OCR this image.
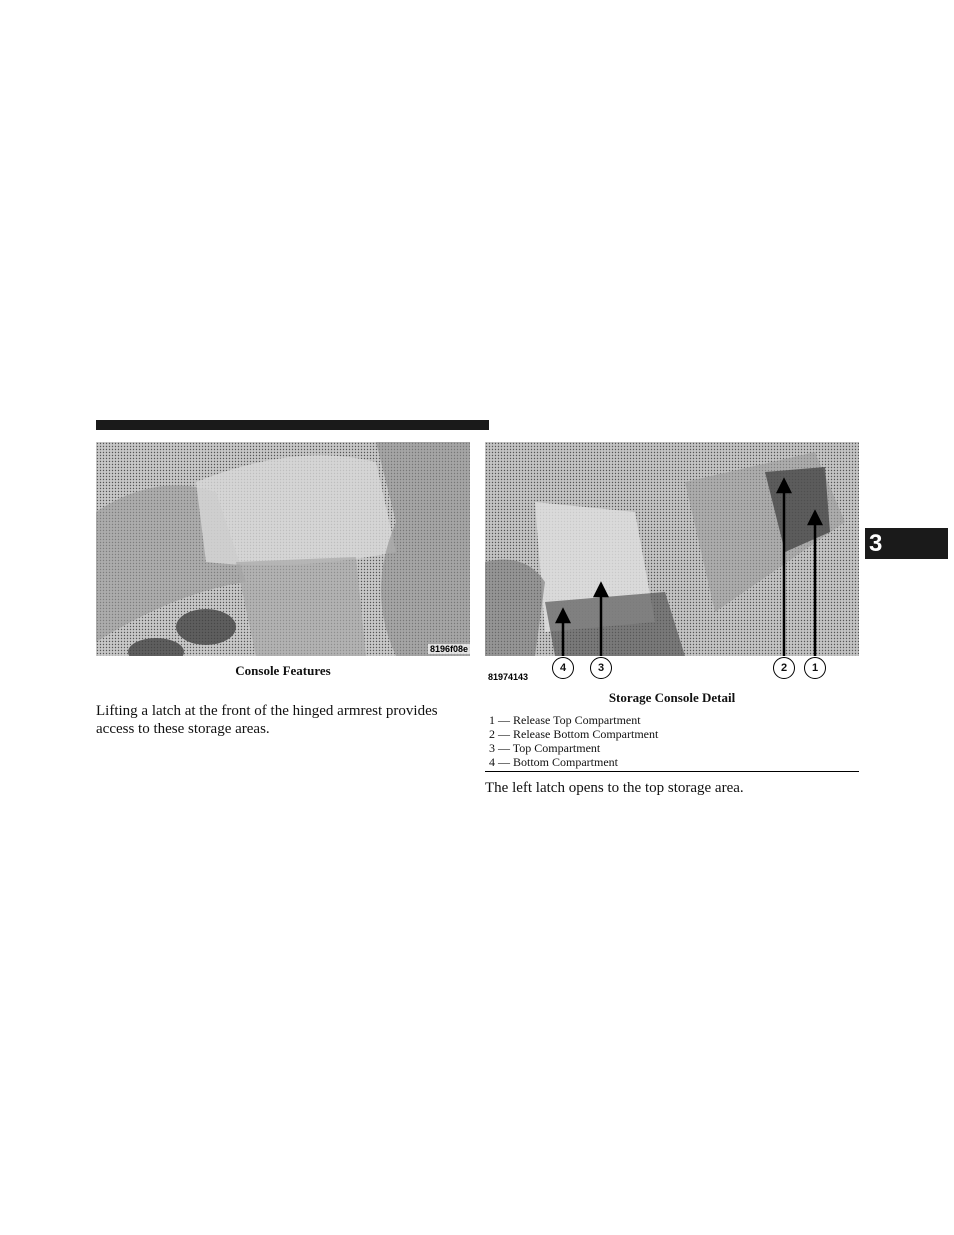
8196f08e
Console Features	4	3	2	1
81974143
Storage Console Detail
1 — Release Top Compartment
2 — Release Bottom Compartment
3 — Top Compartment
4 — Bottom Compartment

Lifting a latch at the front of the hinged armrest provides access to these storage areas.

The left latch opens to the top storage area.

3
